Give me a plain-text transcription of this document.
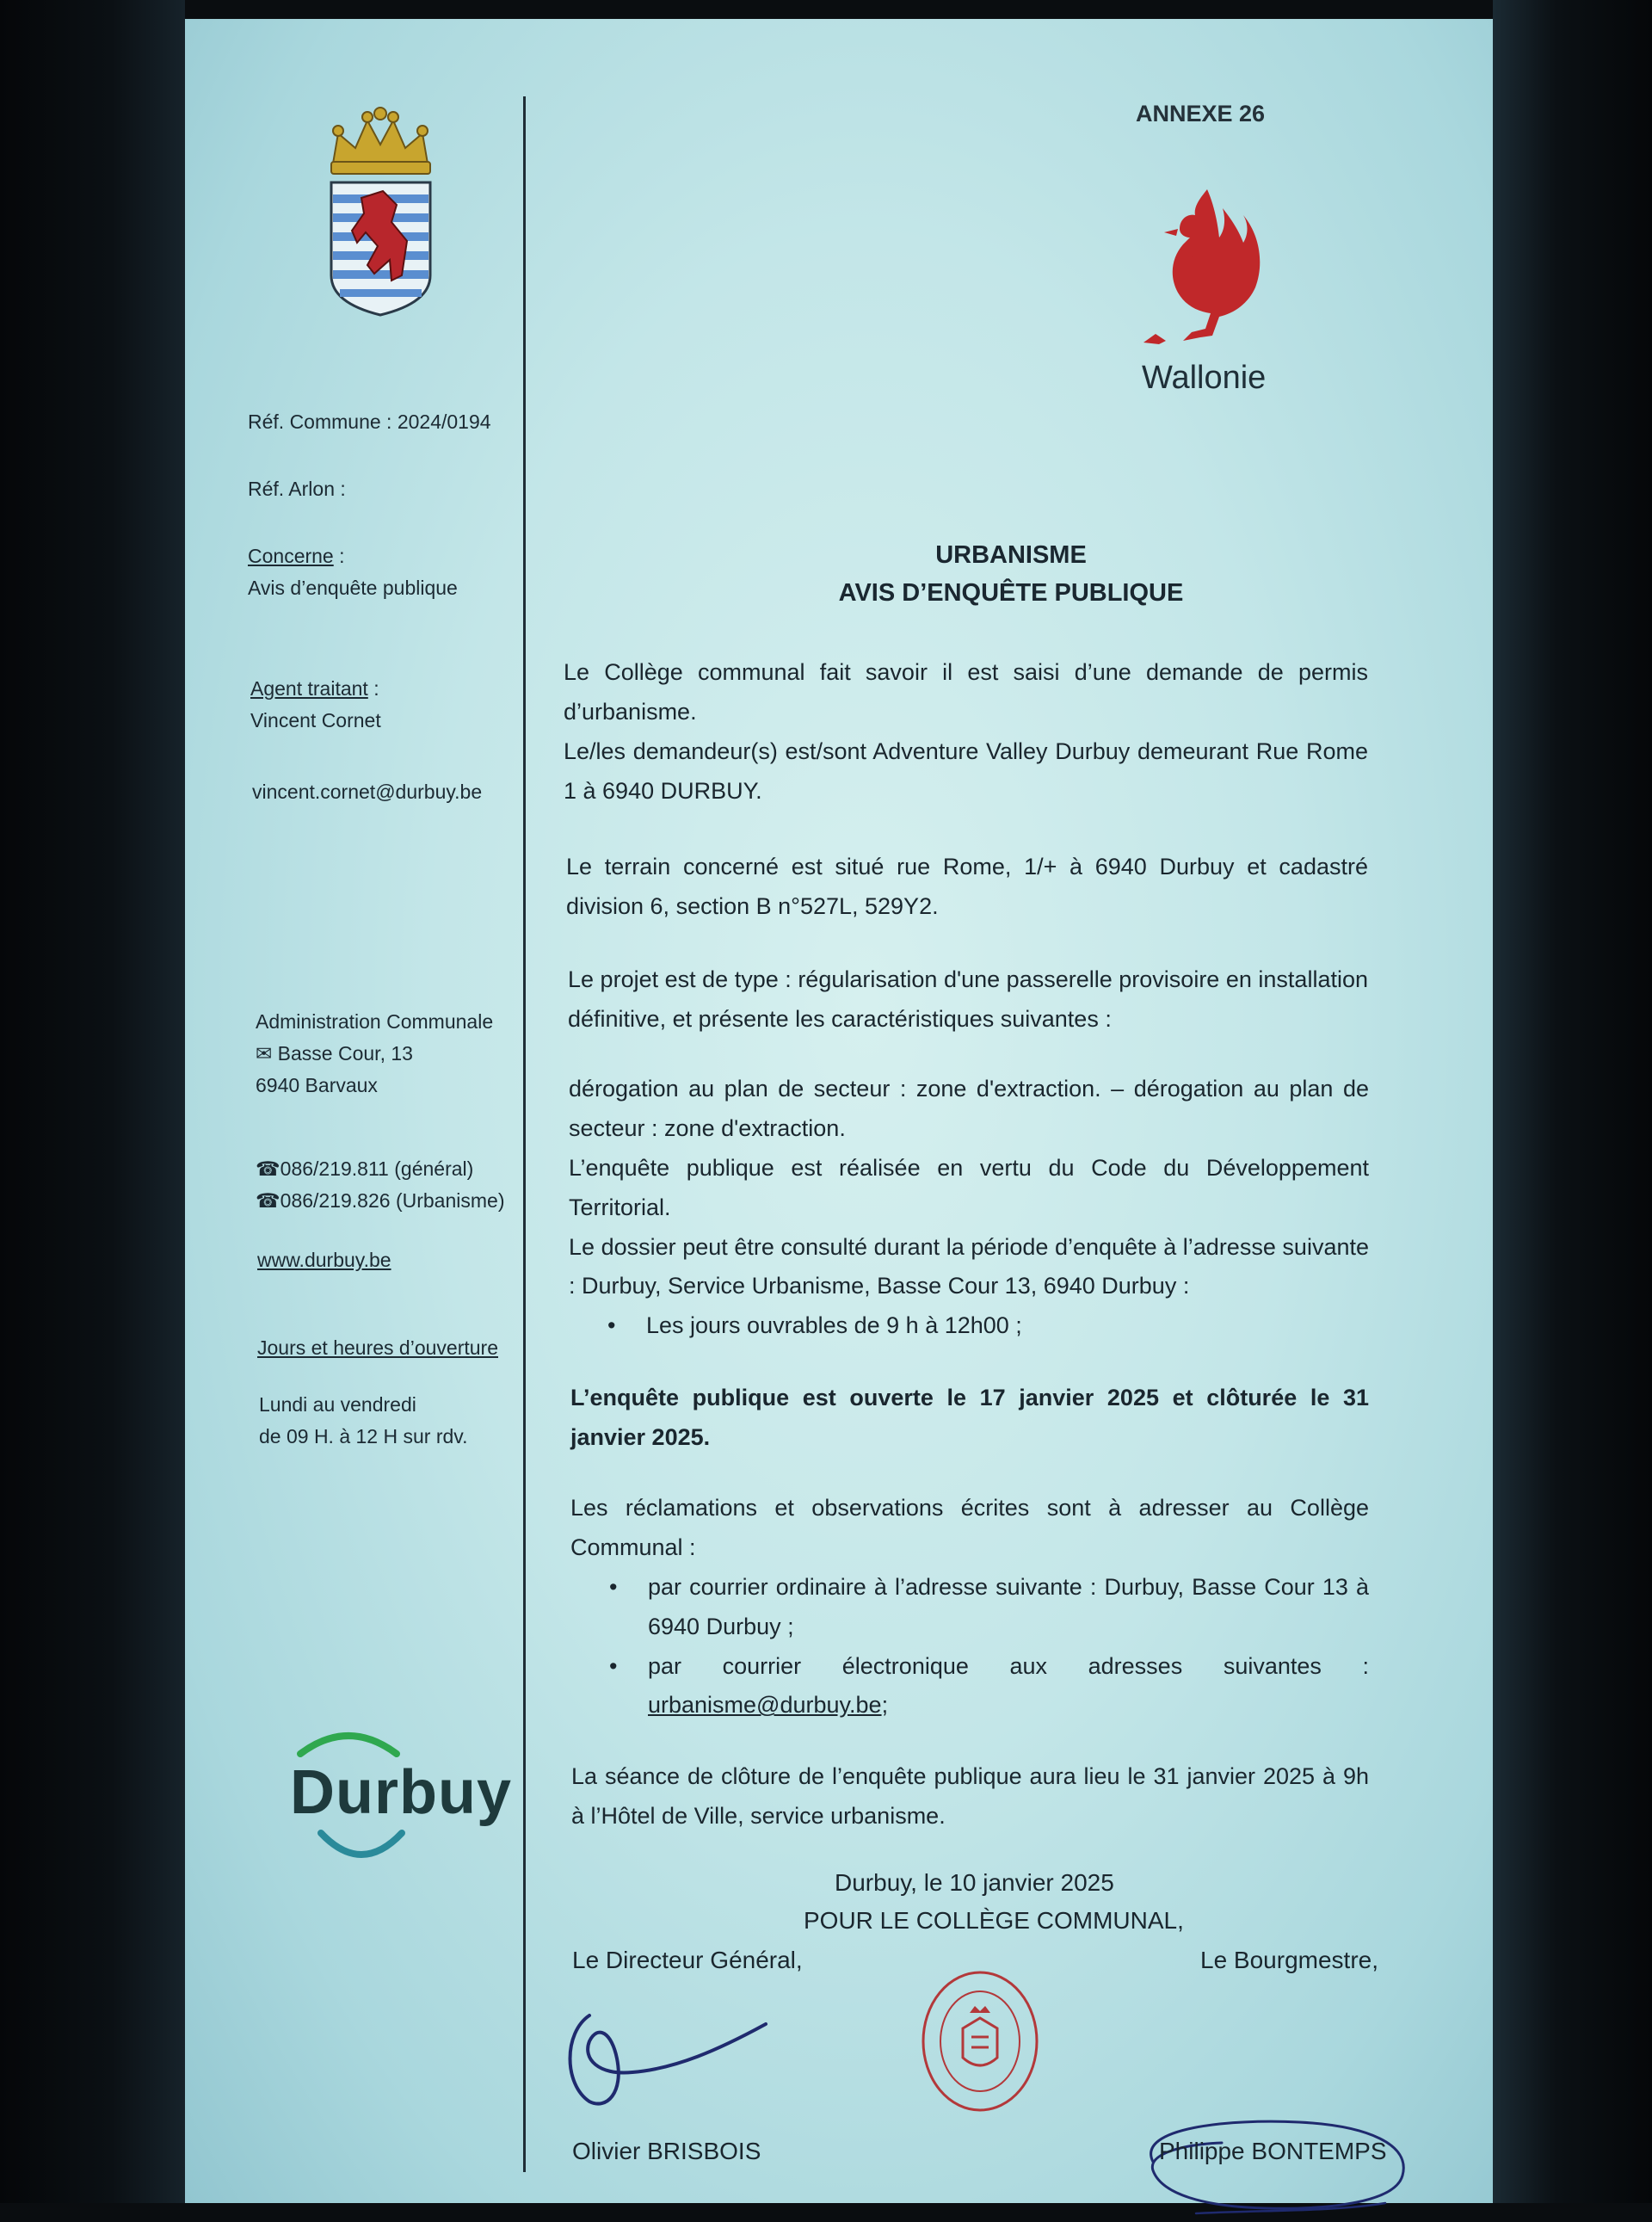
Réf. Commune : 2024/0194
Réf. Arlon :
Concerne :
Avis d’enquête publique
Agent traitant :
Vincent Cornet
vincent.cornet@durbuy.be
Administration Communale
✉ Basse Cour, 13
6940 Barvaux
☎086/219.811 (général)
☎086/219.826 (Urbanisme)
www.durbuy.be
Jours et heures d’ouverture
Lundi au vendredi
de 09 H. à 12 H sur rdv.
Durbuy
ANNEXE 26
Wallonie
URBANISME
AVIS D’ENQUÊTE PUBLIQUE

Le Collège communal fait savoir il est saisi d’une demande de permis d’urbanisme.

Le/les demandeur(s) est/sont Adventure Valley Durbuy demeurant Rue Rome 1 à 6940 DURBUY.

Le terrain concerné est situé rue Rome, 1/+ à 6940 Durbuy et cadastré division 6, section B n°527L, 529Y2.
Le projet est de type : régularisation d'une passerelle provisoire en installation définitive, et présente les caractéristiques suivantes :

dérogation au plan de secteur : zone d'extraction. – dérogation au plan de secteur : zone d'extraction.

L’enquête publique est réalisée en vertu du Code du Développement Territorial.

Le dossier peut être consulté durant la période d’enquête à l’adresse suivante : Durbuy, Service Urbanisme, Basse Cour 13, 6940 Durbuy :

• Les jours ouvrables de 9 h à 12h00 ;

L’enquête publique est ouverte le 17 janvier 2025 et clôturée le 31 janvier 2025.

Les réclamations et observations écrites sont à adresser au Collège Communal :

• par courrier ordinaire à l’adresse suivante : Durbuy, Basse Cour 13 à 6940 Durbuy ;

• par courrier électronique aux adresses suivantes : urbanisme@durbuy.be;

La séance de clôture de l’enquête publique aura lieu le 31 janvier 2025 à 9h à l’Hôtel de Ville, service urbanisme.
Durbuy, le 10 janvier 2025
POUR LE COLLÈGE COMMUNAL,
Le Directeur Général,	Le Bourgmestre,
Olivier BRISBOIS	Philippe BONTEMPS
